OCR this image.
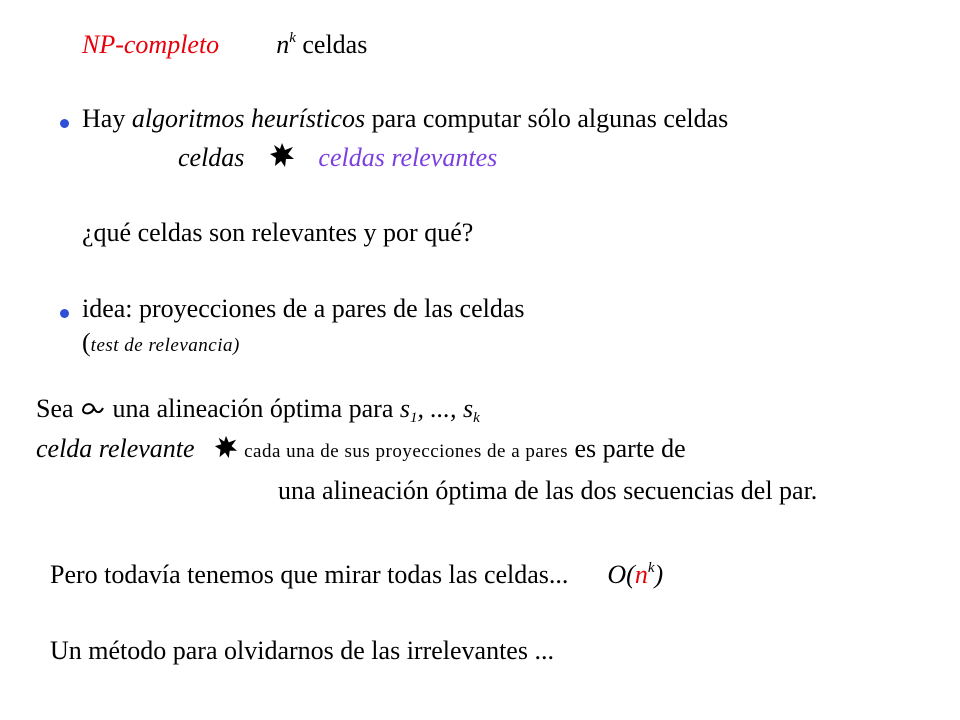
NP-completo $n^k$ celdas
Hay algoritmos heurísticos para computar sólo algunas celdas
celdas	celdas relevantes
¿qué celdas son relevantes y por qué?
idea: proyecciones de a pares de las celdas
(test de relevancia)
Sea una alineación óptima para $s_1$, ..., $s_k$
celda relevante	cada una de sus proyecciones de a pares es parte de
una alineación óptima de las dos secuencias del par.
Pero todavía tenemos que mirar todas las celdas... $O(n^k)$
Un método para olvidarnos de las irrelevantes ...
